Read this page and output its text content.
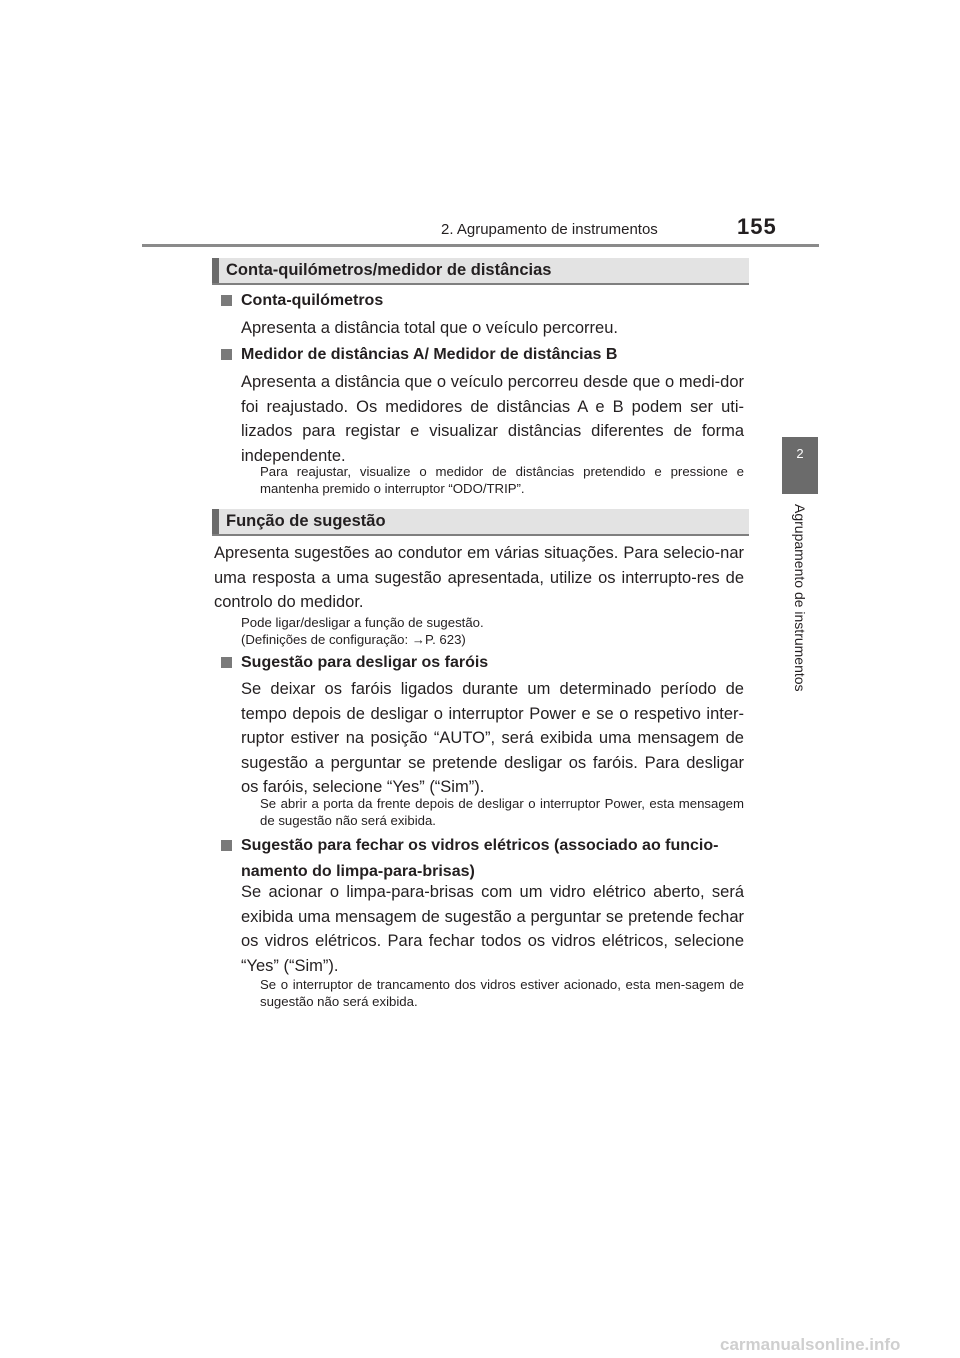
2. Agrupamento de instrumentos	155
2
Agrupamento de instrumentos
Conta-quilómetros/medidor de distâncias
Conta-quilómetros
Apresenta a distância total que o veículo percorreu.
Medidor de distâncias A/ Medidor de distâncias B
Apresenta a distância que o veículo percorreu desde que o medi-dor foi reajustado. Os medidores de distâncias A e B podem ser uti-lizados para registar e visualizar distâncias diferentes de forma independente.
Para reajustar, visualize o medidor de distâncias pretendido e pressione e mantenha premido o interruptor “ODO/TRIP”.
Função de sugestão
Apresenta sugestões ao condutor em várias situações. Para selecio-nar uma resposta a uma sugestão apresentada, utilize os interrupto-res de controlo do medidor.
Pode ligar/desligar a função de sugestão.
(Definições de configuração: →P. 623)
Sugestão para desligar os faróis
Se deixar os faróis ligados durante um determinado período de tempo depois de desligar o interruptor Power e se o respetivo inter-ruptor estiver na posição “AUTO”, será exibida uma mensagem de sugestão a perguntar se pretende desligar os faróis. Para desligar os faróis, selecione “Yes” (“Sim”).
Se abrir a porta da frente depois de desligar o interruptor Power, esta mensagem de sugestão não será exibida.
Sugestão para fechar os vidros elétricos (associado ao funcio-namento do limpa-para-brisas)
Se acionar o limpa-para-brisas com um vidro elétrico aberto, será exibida uma mensagem de sugestão a perguntar se pretende fechar os vidros elétricos. Para fechar todos os vidros elétricos, selecione “Yes” (“Sim”).
Se o interruptor de trancamento dos vidros estiver acionado, esta men-sagem de sugestão não será exibida.
carmanualsonline.info
